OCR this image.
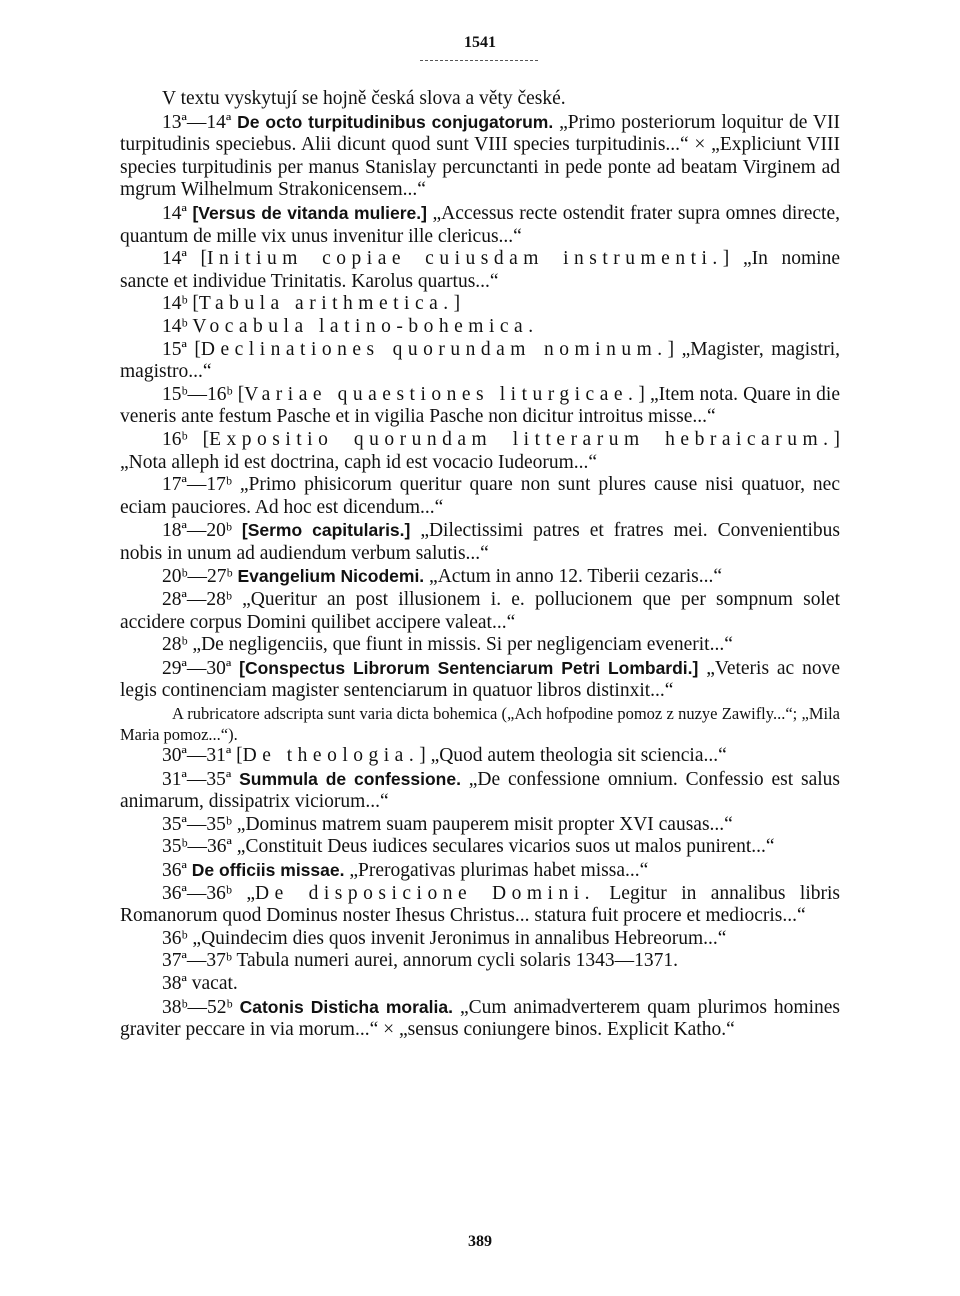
1541

V textu vyskytují se hojně česká slova a věty české.

13ª—14ª De octo turpitudinibus conjugatorum. „Primo posteriorum loquitur de VII turpitudinis speciebus. Alii dicunt quod sunt VIII species turpitudinis...“ × „Expliciunt VIII species turpitudinis per manus Stanislay percunctanti in pede ponte ad beatam Virginem ad mgrum Wilhelmum Strakonicensem...“

14ª [Versus de vitanda muliere.] „Accessus recte ostendit frater supra omnes directe, quantum de mille vix unus invenitur ille clericus...“

14ª [Initium copiae cuiusdam instrumenti.] „In nomine sancte et individue Trinitatis. Karolus quartus...“

14ᵇ [Tabula arithmetica.]

14ᵇ Vocabula latino-bohemica.

15ª [Declinationes quorundam nominum.] „Magister, magistri, magistro...“

15ᵇ—16ᵇ [Variae quaestiones liturgicae.] „Item nota. Quare in die veneris ante festum Pasche et in vigilia Pasche non dicitur introitus misse...“

16ᵇ [Expositio quorundam litterarum hebraicarum.] „Nota alleph id est doctrina, caph id est vocacio Iudeorum...“

17ª—17ᵇ „Primo phisicorum queritur quare non sunt plures cause nisi quatuor, nec eciam pauciores. Ad hoc est dicendum...“

18ª—20ᵇ [Sermo capitularis.] „Dilectissimi patres et fratres mei. Convenientibus nobis in unum ad audiendum verbum salutis...“

20ᵇ—27ᵇ Evangelium Nicodemi. „Actum in anno 12. Tiberii cezaris...“

28ª—28ᵇ „Queritur an post illusionem i. e. pollucionem que per sompnum solet accidere corpus Domini quilibet accipere valeat...“

28ᵇ „De negligenciis, que fiunt in missis. Si per negligenciam evenerit...“

29ª—30ª [Conspectus Librorum Sentenciarum Petri Lombardi.] „Veteris ac nove legis continenciam magister sentenciarum in quatuor libros distinxit...“

A rubricatore adscripta sunt varia dicta bohemica („Ach hofpodine pomoz z nuzye Zawifly...“; „Mila Maria pomoz...“).

30ª—31ª [De theologia.] „Quod autem theologia sit sciencia...“

31ª—35ª Summula de confessione. „De confessione omnium. Confessio est salus animarum, dissipatrix viciorum...“

35ª—35ᵇ „Dominus matrem suam pauperem misit propter XVI causas...“

35ᵇ—36ª „Constituit Deus iudices seculares vicarios suos ut malos punirent...“

36ª De officiis missae. „Prerogativas plurimas habet missa...“

36ª—36ᵇ „De disposicione Domini. Legitur in annalibus libris Romanorum quod Dominus noster Ihesus Christus... statura fuit procere et mediocris...“

36ᵇ „Quindecim dies quos invenit Jeronimus in annalibus Hebreorum...“

37ª—37ᵇ Tabula numeri aurei, annorum cycli solaris 1343—1371.

38ª vacat.

38ᵇ—52ᵇ Catonis Disticha moralia. „Cum animadverterem quam plurimos homines graviter peccare in via morum...“ × „sensus coniungere binos. Explicit Katho.“

389
